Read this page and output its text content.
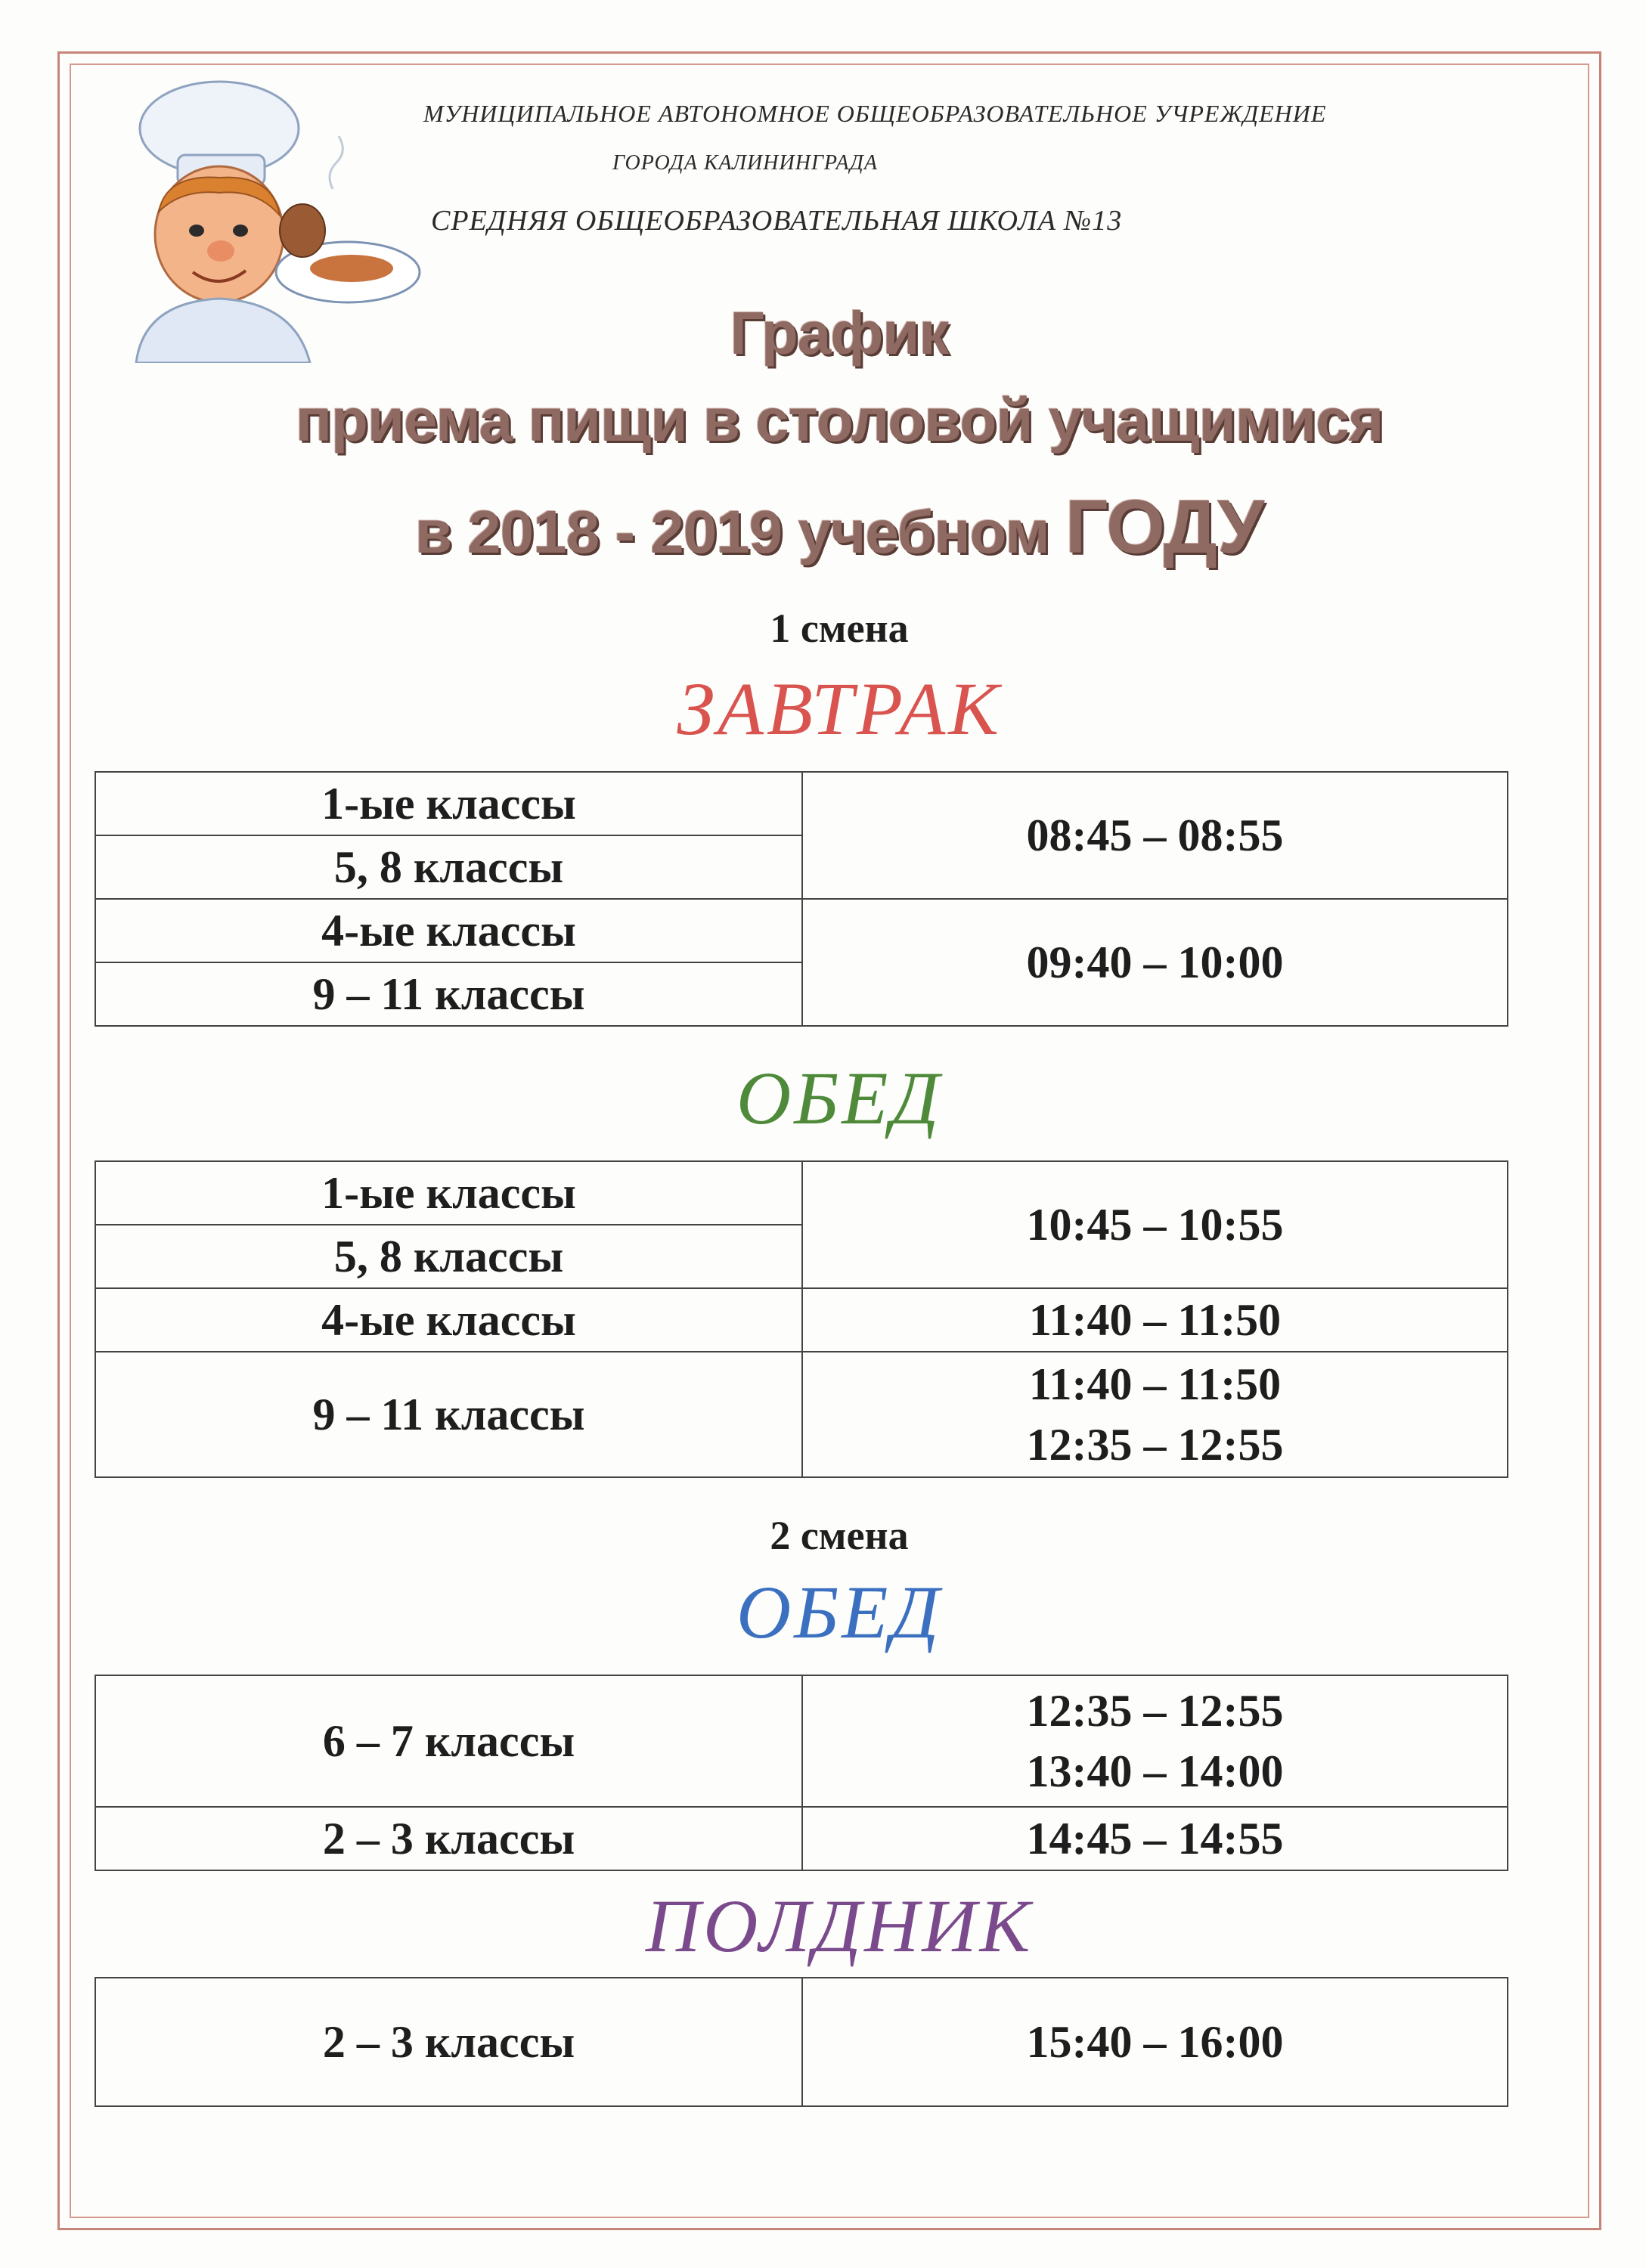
МУНИЦИПАЛЬНОЕ АВТОНОМНОЕ ОБЩЕОБРАЗОВАТЕЛЬНОЕ УЧРЕЖДЕНИЕ
ГОРОДА КАЛИНИНГРАДА
СРЕДНЯЯ ОБЩЕОБРАЗОВАТЕЛЬНАЯ ШКОЛА №13
График
приема пищи в столовой учащимися
в 2018 - 2019 учебном ГОДУ
1 смена
ЗАВТРАК
1-ые классы	08:45 – 08:55
5, 8 классы	
4-ые классы	09:40 – 10:00
9 – 11 классы	
ОБЕД
1-ые классы	10:45 – 10:55
5, 8 классы	
4-ые классы	11:40 – 11:50
9 – 11 классы	11:40 – 11:50
12:35 – 12:55
2 смена
ОБЕД
6 – 7 классы	12:35 – 12:55
13:40 – 14:00

2 – 3 классы	14:45 – 14:55
ПОЛДНИК
2 – 3 классы	15:40 – 16:00
